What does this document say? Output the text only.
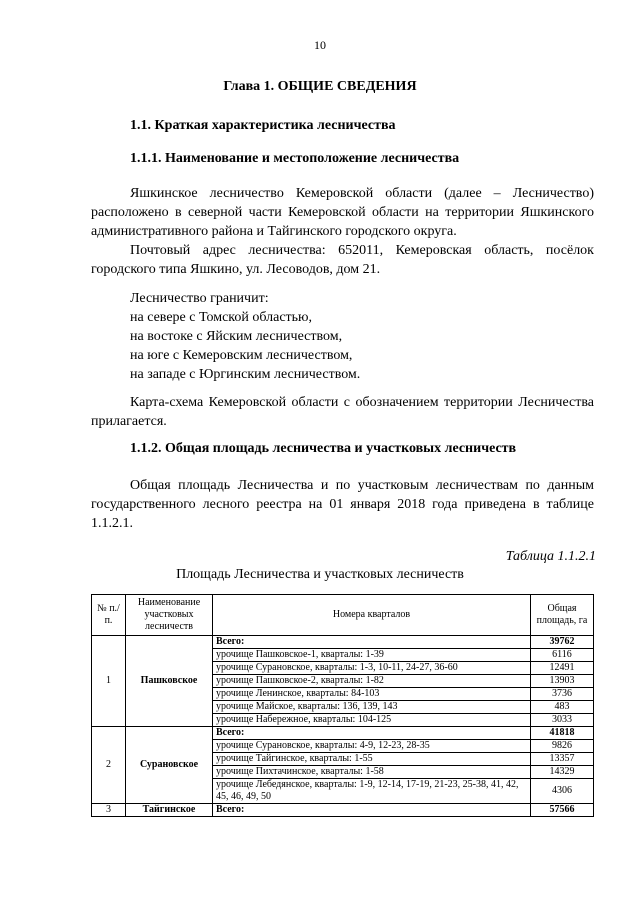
10
Глава 1. ОБЩИЕ СВЕДЕНИЯ
1.1. Краткая характеристика лесничества
1.1.1. Наименование и местоположение лесничества

Яшкинское лесничество Кемеровской области (далее – Лесничество) расположено в северной части Кемеровской области на территории Яшкинского административного района и Тайгинского городского округа.

Почтовый адрес лесничества: 652011, Кемеровская область, посёлок городского типа Яшкино, ул. Лесоводов, дом 21.

Лесничество граничит:
на севере с Томской областью,
на востоке с Яйским лесничеством,
на юге с Кемеровским лесничеством,
на западе с Юргинским лесничеством.

Карта-схема Кемеровской области с обозначением территории Лесничества прилагается.

1.1.2. Общая площадь лесничества и участковых лесничеств

Общая площадь Лесничества и по участковым лесничествам по данным государственного лесного реестра на 01 января 2018 года приведена в таблице 1.1.2.1.

Таблица 1.1.2.1
Площадь Лесничества и участковых лесничеств
№ п./п.	Наименование участковых лесничеств	Номера кварталов	Общая площадь, га
1	Пашковское	Всего:	39762
		урочище Пашковское-1, кварталы: 1-39	6116
		урочище Сурановское, кварталы: 1-3, 10-11, 24-27, 36-60	12491
		урочище Пашковское-2, кварталы: 1-82	13903
		урочище Ленинское, кварталы: 84-103	3736
		урочище Майское, кварталы: 136, 139, 143	483
		урочище Набережное, кварталы: 104-125	3033
2	Сурановское	Всего:	41818
		урочище Сурановское, кварталы: 4-9, 12-23, 28-35	9826
		урочище Тайгинское, кварталы: 1-55	13357
		урочище Пихтачинское, кварталы: 1-58	14329
		урочище Лебедянское, кварталы: 1-9, 12-14, 17-19, 21-23, 25-38, 41, 42, 45, 46, 49, 50	4306
3	Тайгинское	Всего:	57566
